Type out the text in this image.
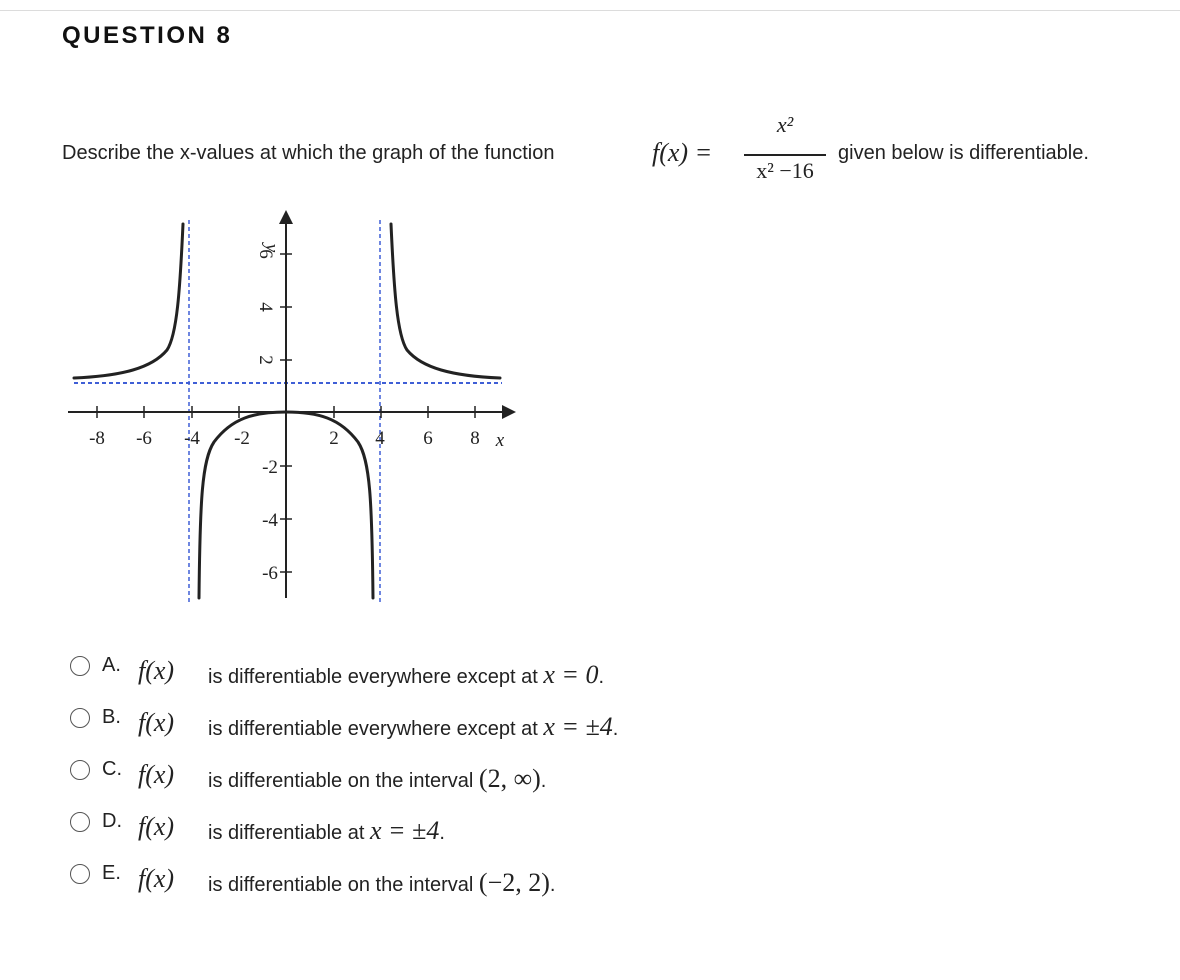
QUESTION 8
Describe the x-values at which the graph of the function	f(x) =
x²
x² −16
given below is differentiable.
-8 -6 -4 -2	2 4 6 8 x
y
6
4
2
-2
-4
-6
A. f(x) is differentiable everywhere except at x = 0.
B. f(x) is differentiable everywhere except at x = ±4.
C. f(x) is differentiable on the interval (2, ∞).
D. f(x) is differentiable at x = ±4.
E. f(x) is differentiable on the interval (−2, 2).
